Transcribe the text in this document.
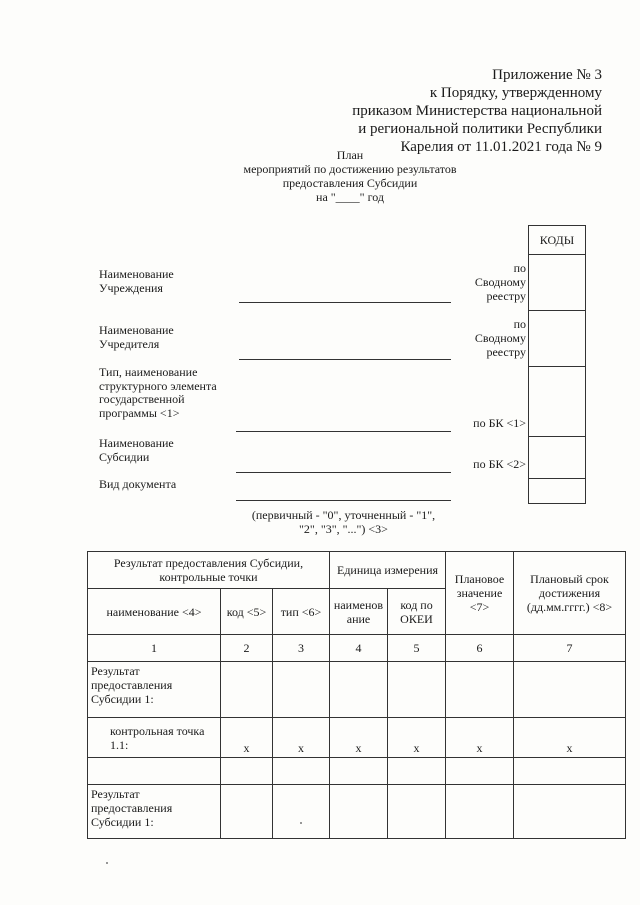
Приложение № 3
к Порядку, утвержденному
приказом Министерства национальной
и региональной политики Республики
Карелия от 11.01.2021 года № 9
План
мероприятий по достижению результатов
предоставления Субсидии
на "____" год
КОДЫ
Наименование
Учреждения
по
Сводному
реестру
Наименование
Учредителя
по
Сводному
реестру
Тип, наименование
структурного элемента
государственной
программы <1>
по БК <1>
Наименование
Субсидии
по БК <2>
Вид документа
(первичный - "0", уточненный - "1",
"2", "3", "...") <3>
Результат предоставления Субсидии, контрольные точки			Единица измерения		Плановое значение <7>	Плановый срок достижения (дд.мм.гггг.) <8>
наименование <4>	код <5>	тип <6>	наименов ание	код по ОКЕИ		
1	2	3	4	5	6	7
Результат предоставления Субсидии 1:						
контрольная точка 1.1:	x	x	x	x	x	x

Результат предоставления Субсидии 1:						
